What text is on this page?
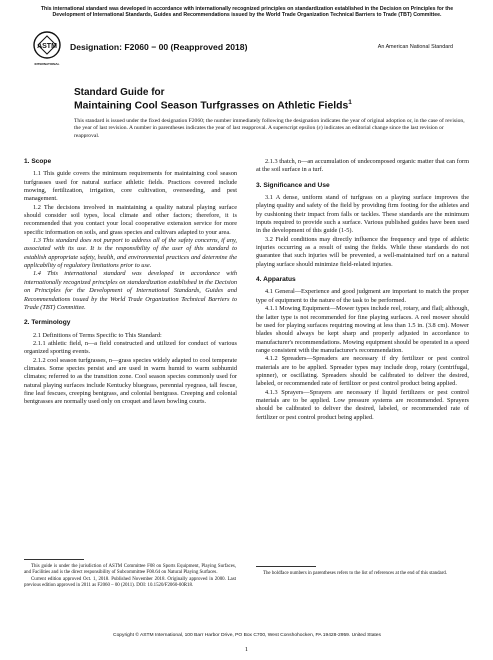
This international standard was developed in accordance with internationally recognized principles on standardization established in the Decision on Principles for the Development of International Standards, Guides and Recommendations issued by the World Trade Organization Technical Barriers to Trade (TBT) Committee.
ASTM
INTERNATIONAL
Designation: F2060 − 00 (Reapproved 2018)	An American National Standard
Standard Guide for
Maintaining Cool Season Turfgrasses on Athletic Fields$^1$
This standard is issued under the fixed designation F2060; the number immediately following the designation indicates the year of original adoption or, in the case of revision, the year of last revision. A number in parentheses indicates the year of last reapproval. A superscript epsilon (ε) indicates an editorial change since the last revision or reapproval.
1. Scope

1.1 This guide covers the minimum requirements for maintaining cool season turfgrasses used for natural surface athletic fields. Practices covered include mowing, fertilization, irrigation, core cultivation, overseeding, and pest management.

1.2 The decisions involved in maintaining a quality natural playing surface should consider soil types, local climate and other factors; therefore, it is recommended that you contact your local cooperative extension service for more specific information on soils, and grass species and cultivars adapted to your area.

1.3 This standard does not purport to address all of the safety concerns, if any, associated with its use. It is the responsibility of the user of this standard to establish appropriate safety, health, and environmental practices and determine the applicability of regulatory limitations prior to use.

1.4 This international standard was developed in accordance with internationally recognized principles on standardization established in the Decision on Principles for the Development of International Standards, Guides and Recommendations issued by the World Trade Organization Technical Barriers to Trade (TBT) Committee.

2. Terminology

2.1 Definitions of Terms Specific to This Standard:

2.1.1 athletic field, n—a field constructed and utilized for conduct of various organized sporting events.

2.1.2 cool season turfgrasses, n—grass species widely adapted to cool temperate climates. Some species persist and are used in warm humid to warm subhumid climates; referred to as the transition zone. Cool season species commonly used for natural playing surfaces include Kentucky bluegrass, perennial ryegrass, tall fescue, fine leaf fescues, creeping bentgrass, and colonial bentgrass. Creeping and colonial bentgrasses are normally used only on croquet and lawn bowling courts.

This guide is under the jurisdiction of ASTM Committee F08 on Sports Equipment, Playing Surfaces, and Facilities and is the direct responsibility of Subcommittee F08.64 on Natural Playing Surfaces.

Current edition approved Oct. 1, 2018. Published November 2018. Originally approved in 2000. Last previous edition approved in 2011 as F2060 – 00 (2011). DOI: 10.1520/F2060-00R18.

2.1.3 thatch, n—an accumulation of undecomposed organic matter that can form at the soil surface in a turf.

3. Significance and Use

3.1 A dense, uniform stand of turfgrass on a playing surface improves the playing quality and safety of the field by providing firm footing for the athletes and by cushioning their impact from falls or tackles. These standards are the minimum inputs required to provide such a surface. Various published guides have been used in the development of this guide (1-5).

3.2 Field conditions may directly influence the frequency and type of athletic injuries occurring as a result of using the fields. While these standards do not guarantee that such injuries will be prevented, a well-maintained turf on a natural playing surface should minimize field-related injuries.

4. Apparatus

4.1 General—Experience and good judgment are important to match the proper type of equipment to the nature of the task to be performed.

4.1.1 Mowing Equipment—Mower types include reel, rotary, and flail; although, the latter type is not recommended for fine playing surfaces. A reel mower should be used for playing surfaces requiring mowing at less than 1.5 in. (3.8 cm). Mower blades should always be kept sharp and properly adjusted in accordance to manufacturer's recommendations. Mowing equipment should be operated in a speed range consistent with the manufacturer's recommendation.

4.1.2 Spreaders—Spreaders are necessary if dry fertilizer or pest control materials are to be applied. Spreader types may include drop, rotary (centrifugal, spinner), or oscillating. Spreaders should be calibrated to deliver the desired, labeled, or recommended rate of fertilizer or pest control product being applied.

4.1.3 Sprayers—Sprayers are necessary if liquid fertilizers or pest control materials are to be applied. Low pressure systems are recommended. Sprayers should be calibrated to deliver the desired, labeled, or recommended rate of fertilizer or pest control product being applied.

The boldface numbers in parentheses refers to the list of references at the end of this standard.

Copyright © ASTM International, 100 Barr Harbor Drive, PO Box C700, West Conshohocken, PA 19428-2959. United States
1
